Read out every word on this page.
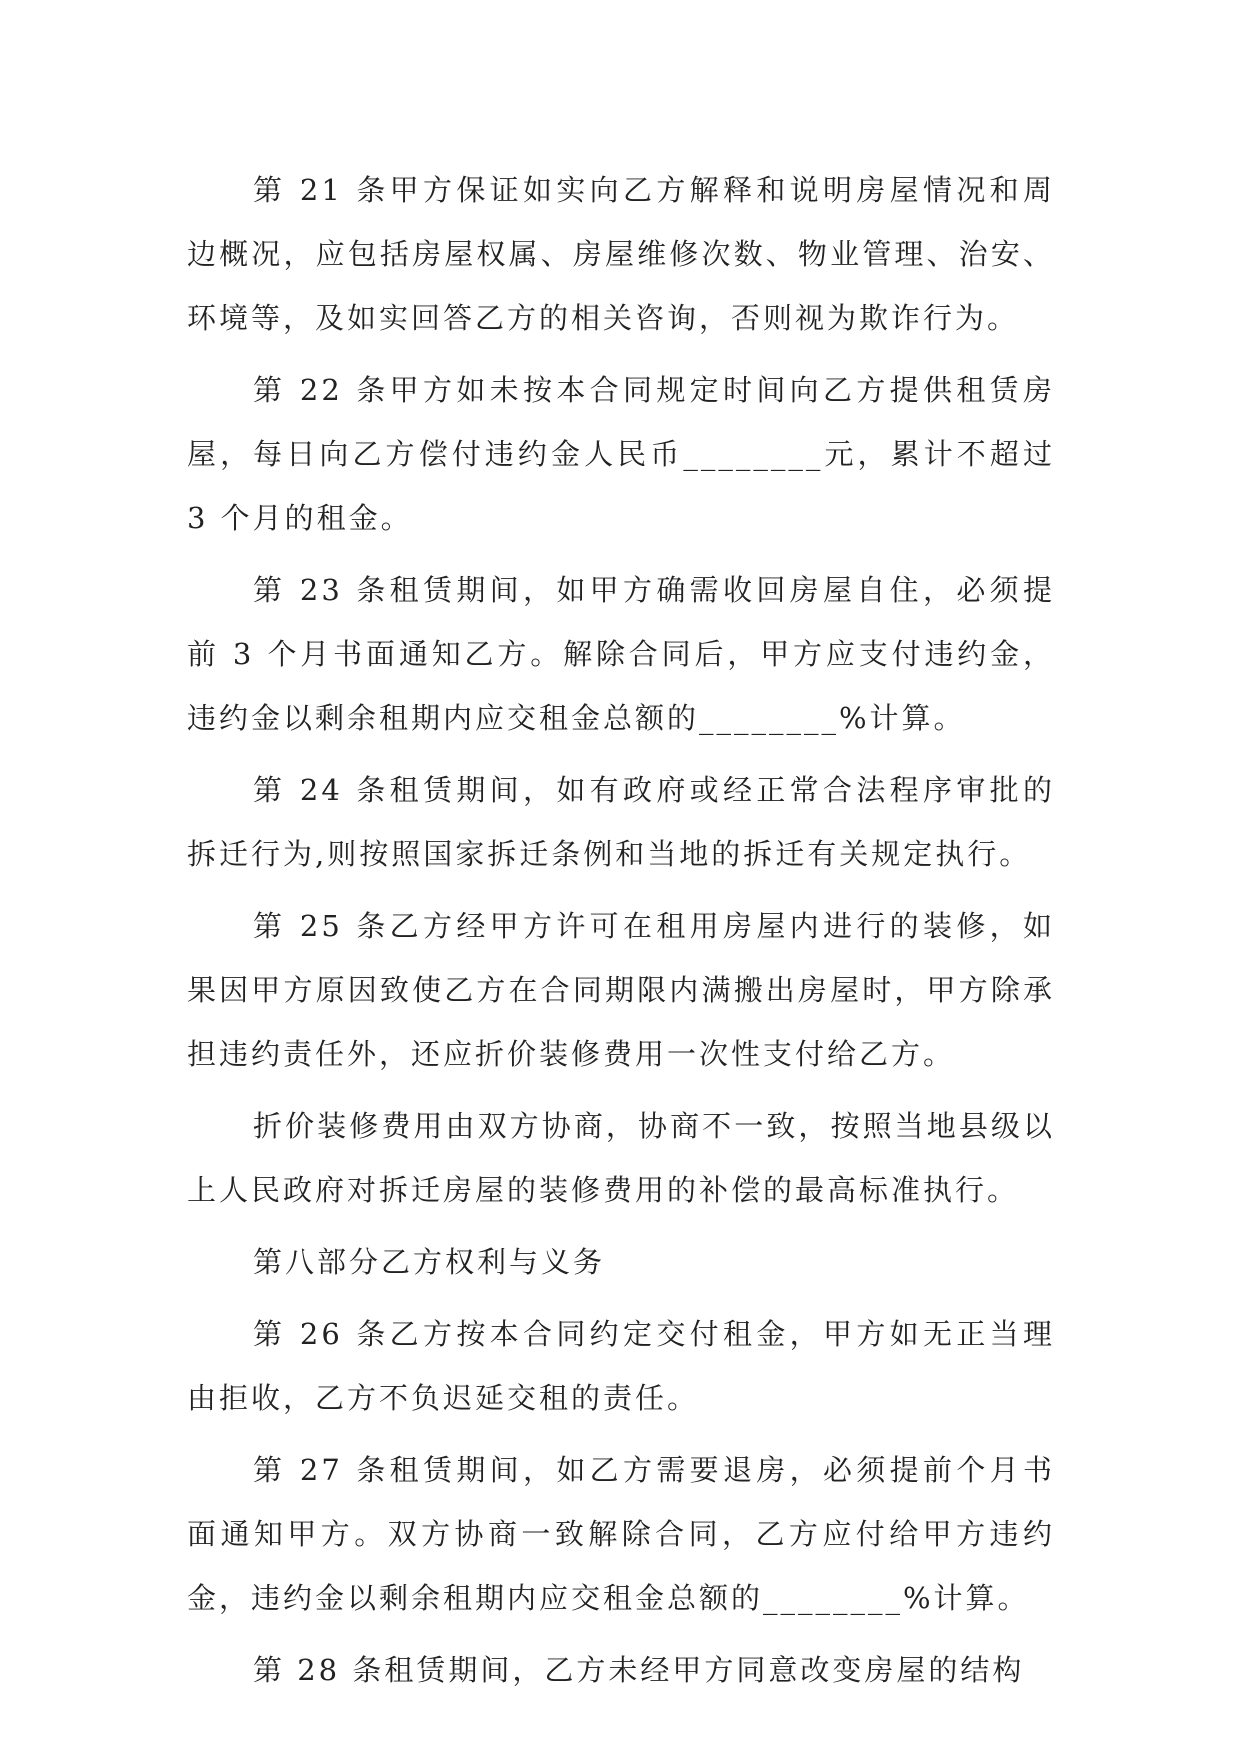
第 21 条甲方保证如实向乙方解释和说明房屋情况和周边概况，应包括房屋权属、房屋维修次数、物业管理、治安、环境等，及如实回答乙方的相关咨询，否则视为欺诈行为。

第 22 条甲方如未按本合同规定时间向乙方提供租赁房屋，每日向乙方偿付违约金人民币________元，累计不超过 3 个月的租金。

第 23 条租赁期间，如甲方确需收回房屋自住，必须提前 3 个月书面通知乙方。解除合同后，甲方应支付违约金，违约金以剩余租期内应交租金总额的________%计算。

第 24 条租赁期间，如有政府或经正常合法程序审批的拆迁行为,则按照国家拆迁条例和当地的拆迁有关规定执行。

第 25 条乙方经甲方许可在租用房屋内进行的装修，如果因甲方原因致使乙方在合同期限内满搬出房屋时，甲方除承担违约责任外，还应折价装修费用一次性支付给乙方。

折价装修费用由双方协商，协商不一致，按照当地县级以上人民政府对拆迁房屋的装修费用的补偿的最高标准执行。

第八部分乙方权利与义务

第 26 条乙方按本合同约定交付租金，甲方如无正当理由拒收，乙方不负迟延交租的责任。

第 27 条租赁期间，如乙方需要退房，必须提前个月书面通知甲方。双方协商一致解除合同，乙方应付给甲方违约金，违约金以剩余租期内应交租金总额的________%计算。

第 28 条租赁期间，乙方未经甲方同意改变房屋的结构
